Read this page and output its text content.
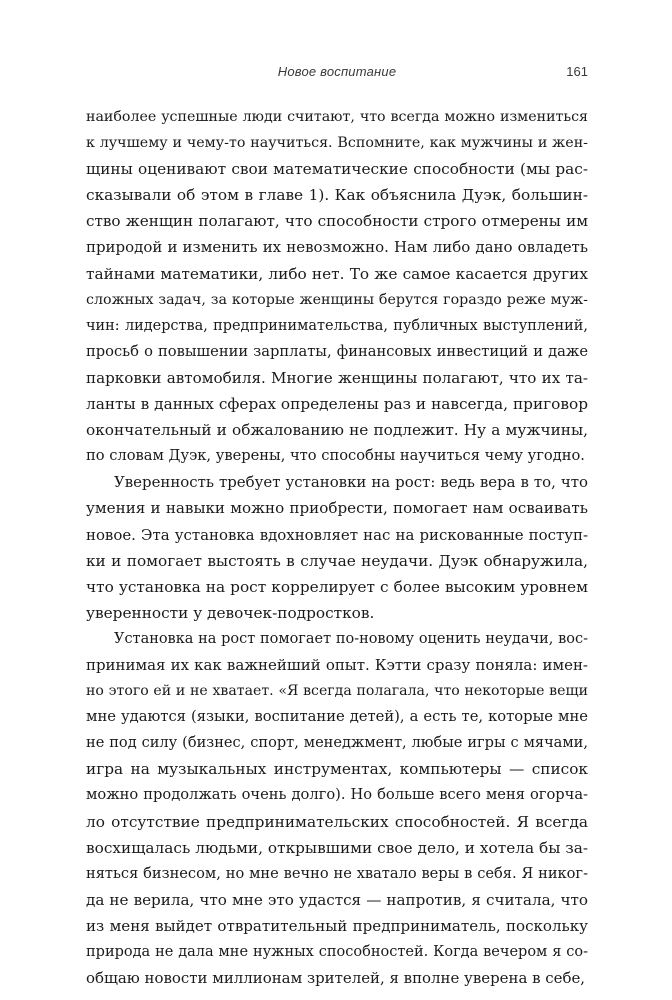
Новое воспитание	161
наиболее успешные люди считают, что всегда можно измениться
к лучшему и чему-то научиться. Вспомните, как мужчины и жен-
щины оценивают свои математические способности (мы рас-
сказывали об этом в главе 1). Как объяснила Дуэк, большин-
ство женщин полагают, что способности строго отмерены им
природой и изменить их невозможно. Нам либо дано овладеть
тайнами математики, либо нет. То же самое касается других
сложных задач, за которые женщины берутся гораздо реже муж-
чин: лидерства, предпринимательства, публичных выступлений,
просьб о повышении зарплаты, финансовых инвестиций и даже
парковки автомобиля. Многие женщины полагают, что их та-
ланты в данных сферах определены раз и навсегда, приговор
окончательный и обжалованию не подлежит. Ну а мужчины,
по словам Дуэк, уверены, что способны научиться чему угодно.
Уверенность требует установки на рост: ведь вера в то, что
умения и навыки можно приобрести, помогает нам осваивать
новое. Эта установка вдохновляет нас на рискованные поступ-
ки и помогает выстоять в случае неудачи. Дуэк обнаружила,
что установка на рост коррелирует с более высоким уровнем
уверенности у девочек-подростков.
Установка на рост помогает по-новому оценить неудачи, вос-
принимая их как важнейший опыт. Кэтти сразу поняла: имен-
но этого ей и не хватает. «Я всегда полагала, что некоторые вещи
мне удаются (языки, воспитание детей), а есть те, которые мне
не под силу (бизнес, спорт, менеджмент, любые игры с мячами,
игра на музыкальных инструментах, компьютеры — список
можно продолжать очень долго). Но больше всего меня огорча-
ло отсутствие предпринимательских способностей. Я всегда
восхищалась людьми, открывшими свое дело, и хотела бы за-
няться бизнесом, но мне вечно не хватало веры в себя. Я никог-
да не верила, что мне это удастся — напротив, я считала, что
из меня выйдет отвратительный предприниматель, поскольку
природа не дала мне нужных способностей. Когда вечером я со-
общаю новости миллионам зрителей, я вполне уверена в себе,
